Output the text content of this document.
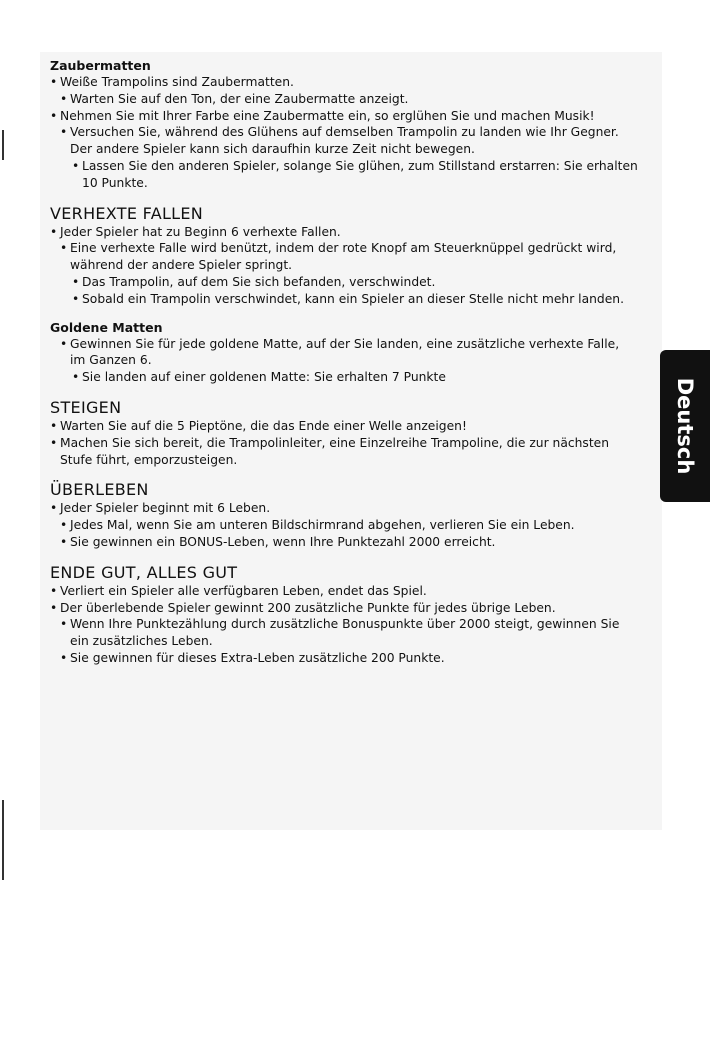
Zaubermatten
• Weiße Trampolins sind Zaubermatten.
• Warten Sie auf den Ton, der eine Zaubermatte anzeigt.
• Nehmen Sie mit Ihrer Farbe eine Zaubermatte ein, so erglühen Sie und machen Musik!
• Versuchen Sie, während des Glühens auf demselben Trampolin zu landen wie Ihr Gegner.
Der andere Spieler kann sich daraufhin kurze Zeit nicht bewegen.
• Lassen Sie den anderen Spieler, solange Sie glühen, zum Stillstand erstarren: Sie erhalten
10 Punkte.
VERHEXTE FALLEN
• Jeder Spieler hat zu Beginn 6 verhexte Fallen.
• Eine verhexte Falle wird benützt, indem der rote Knopf am Steuerknüppel gedrückt wird,
während der andere Spieler springt.
• Das Trampolin, auf dem Sie sich befanden, verschwindet.
• Sobald ein Trampolin verschwindet, kann ein Spieler an dieser Stelle nicht mehr landen.
Goldene Matten
• Gewinnen Sie für jede goldene Matte, auf der Sie landen, eine zusätzliche verhexte Falle,
im Ganzen 6.
• Sie landen auf einer goldenen Matte: Sie erhalten 7 Punkte
STEIGEN
• Warten Sie auf die 5 Pieptöne, die das Ende einer Welle anzeigen!
• Machen Sie sich bereit, die Trampolinleiter, eine Einzelreihe Trampoline, die zur nächsten
Stufe führt, emporzusteigen.
ÜBERLEBEN
• Jeder Spieler beginnt mit 6 Leben.
• Jedes Mal, wenn Sie am unteren Bildschirmrand abgehen, verlieren Sie ein Leben.
• Sie gewinnen ein BONUS-Leben, wenn Ihre Punktezahl 2000 erreicht.
ENDE GUT, ALLES GUT
• Verliert ein Spieler alle verfügbaren Leben, endet das Spiel.
• Der überlebende Spieler gewinnt 200 zusätzliche Punkte für jedes übrige Leben.
• Wenn Ihre Punktezählung durch zusätzliche Bonuspunkte über 2000 steigt, gewinnen Sie
ein zusätzliches Leben.
• Sie gewinnen für dieses Extra-Leben zusätzliche 200 Punkte.
Deutsch
